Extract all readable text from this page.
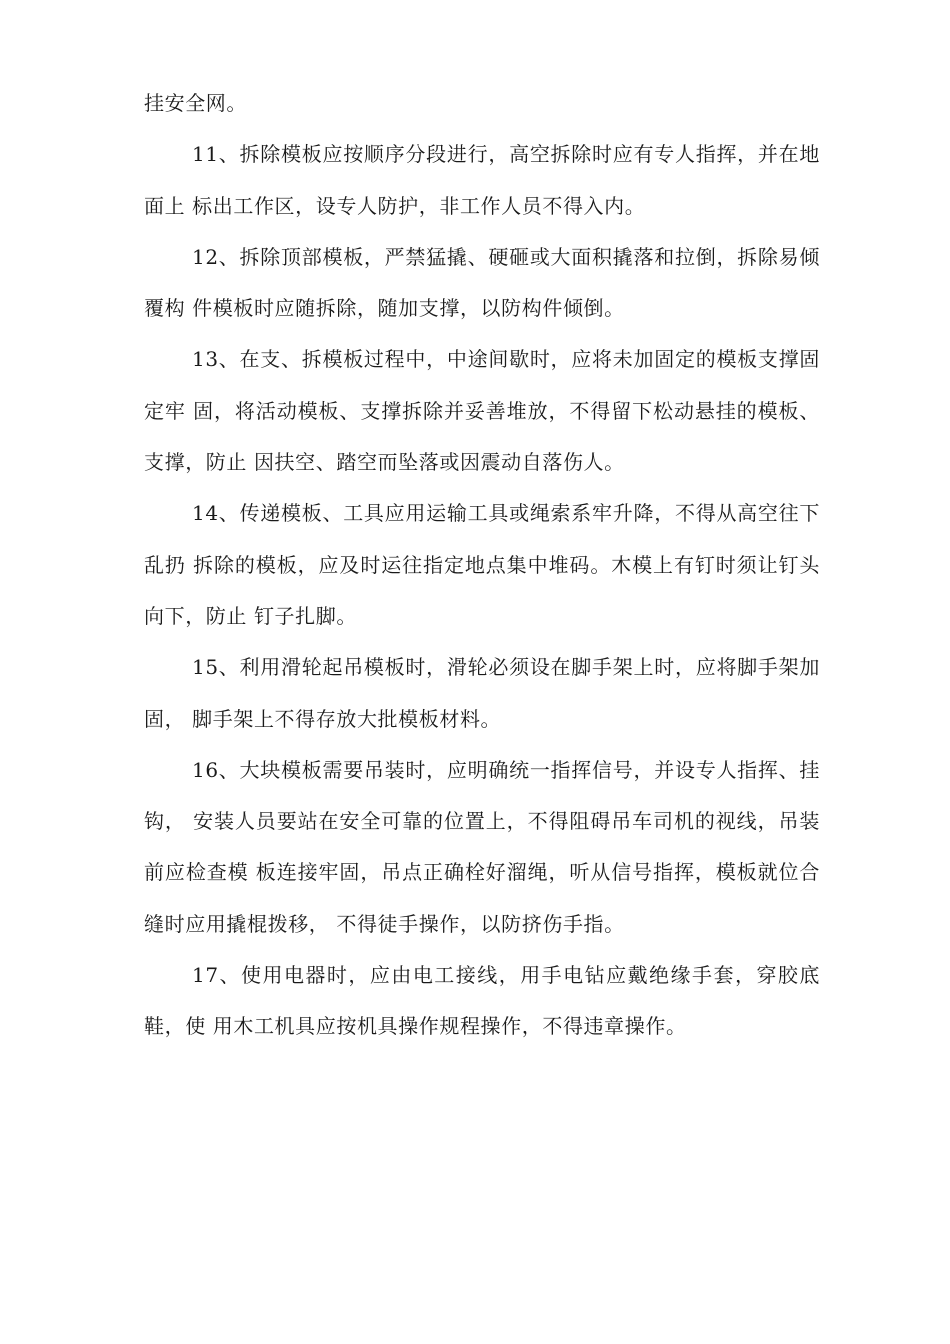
挂安全网。

11、拆除模板应按顺序分段进行，高空拆除时应有专人指挥，并在地面上 标出工作区，设专人防护，非工作人员不得入内。

12、拆除顶部模板，严禁猛撬、硬砸或大面积撬落和拉倒，拆除易倾覆构 件模板时应随拆除，随加支撑，以防构件倾倒。

13、在支、拆模板过程中，中途间歇时，应将未加固定的模板支撑固定牢 固，将活动模板、支撑拆除并妥善堆放，不得留下松动悬挂的模板、支撑，防止 因扶空、踏空而坠落或因震动自落伤人。

14、传递模板、工具应用运输工具或绳索系牢升降，不得从高空往下乱扔 拆除的模板，应及时运往指定地点集中堆码。木模上有钉时须让钉头向下，防止 钉子扎脚。

15、利用滑轮起吊模板时，滑轮必须设在脚手架上时，应将脚手架加固， 脚手架上不得存放大批模板材料。

16、大块模板需要吊装时，应明确统一指挥信号，并设专人指挥、挂钩， 安装人员要站在安全可靠的位置上，不得阻碍吊车司机的视线，吊装前应检查模 板连接牢固，吊点正确栓好溜绳，听从信号指挥，模板就位合缝时应用撬棍拨移， 不得徒手操作，以防挤伤手指。

17、使用电器时，应由电工接线，用手电钻应戴绝缘手套，穿胶底鞋，使 用木工机具应按机具操作规程操作，不得违章操作。
